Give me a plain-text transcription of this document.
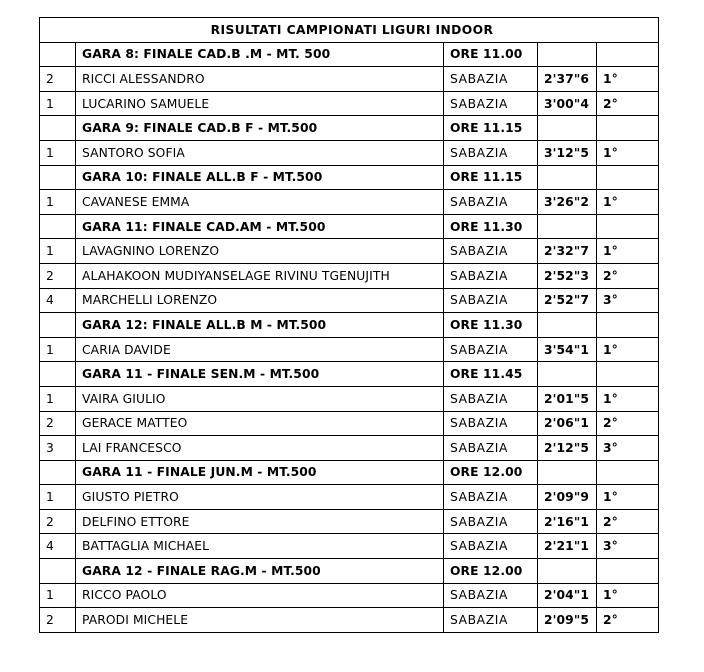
RISULTATI CAMPIONATI LIGURI INDOOR				
	GARA 8: FINALE CAD.B .M - MT. 500	ORE 11.00		
2	RICCI ALESSANDRO	SABAZIA	2'37"6	1°
1	LUCARINO SAMUELE	SABAZIA	3'00"4	2°
	GARA 9: FINALE CAD.B F - MT.500	ORE 11.15		
1	SANTORO SOFIA	SABAZIA	3'12"5	1°
	GARA 10: FINALE ALL.B F - MT.500	ORE 11.15		
1	CAVANESE EMMA	SABAZIA	3'26"2	1°
	GARA 11: FINALE CAD.AM - MT.500	ORE 11.30		
1	LAVAGNINO LORENZO	SABAZIA	2'32"7	1°
2	ALAHAKOON MUDIYANSELAGE RIVINU TGENUJITH	SABAZIA	2'52"3	2°
4	MARCHELLI LORENZO	SABAZIA	2'52"7	3°
	GARA 12: FINALE ALL.B M - MT.500	ORE 11.30		
1	CARIA DAVIDE	SABAZIA	3'54"1	1°
	GARA 11 - FINALE SEN.M - MT.500	ORE 11.45		
1	VAIRA GIULIO	SABAZIA	2'01"5	1°
2	GERACE MATTEO	SABAZIA	2'06"1	2°
3	LAI FRANCESCO	SABAZIA	2'12"5	3°
	GARA 11 - FINALE JUN.M - MT.500	ORE 12.00		
1	GIUSTO PIETRO	SABAZIA	2'09"9	1°
2	DELFINO ETTORE	SABAZIA	2'16"1	2°
4	BATTAGLIA MICHAEL	SABAZIA	2'21"1	3°
	GARA 12 - FINALE RAG.M - MT.500	ORE 12.00		
1	RICCO PAOLO	SABAZIA	2'04"1	1°
2	PARODI MICHELE	SABAZIA	2'09"5	2°
